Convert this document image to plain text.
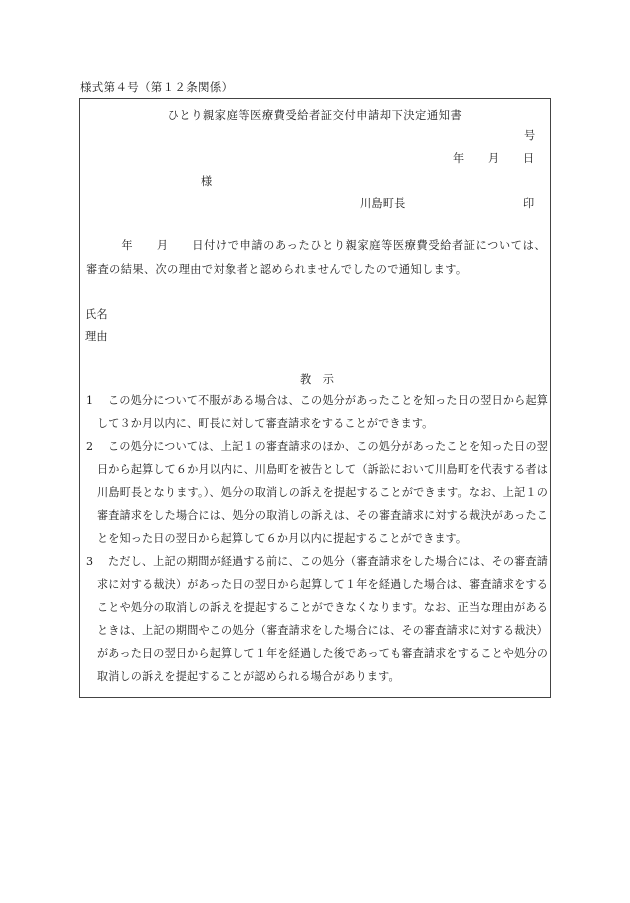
様式第４号（第１２条関係）
ひとり親家庭等医療費受給者証交付申請却下決定通知書
号
年 月 日
様
川島町長	印
　　　年　　月　　日付けで申請のあったひとり親家庭等医療費受給者証については、審査の結果、次の理由で対象者と認められませんでしたので通知します。
氏名
理由
教　示
1 この処分について不服がある場合は、この処分があったことを知った日の翌日から起算して３か月以内に、町長に対して審査請求をすることができます。
2 この処分については、上記１の審査請求のほか、この処分があったことを知った日の翌日から起算して６か月以内に、川島町を被告として（訴訟において川島町を代表する者は川島町長となります。）、処分の取消しの訴えを提起することができます。なお、上記１の審査請求をした場合には、処分の取消しの訴えは、その審査請求に対する裁決があったことを知った日の翌日から起算して６か月以内に提起することができます。
3 ただし、上記の期間が経過する前に、この処分（審査請求をした場合には、その審査請求に対する裁決）があった日の翌日から起算して１年を経過した場合は、審査請求をすることや処分の取消しの訴えを提起することができなくなります。なお、正当な理由があるときは、上記の期間やこの処分（審査請求をした場合には、その審査請求に対する裁決）があった日の翌日から起算して１年を経過した後であっても審査請求をすることや処分の取消しの訴えを提起することが認められる場合があります。
